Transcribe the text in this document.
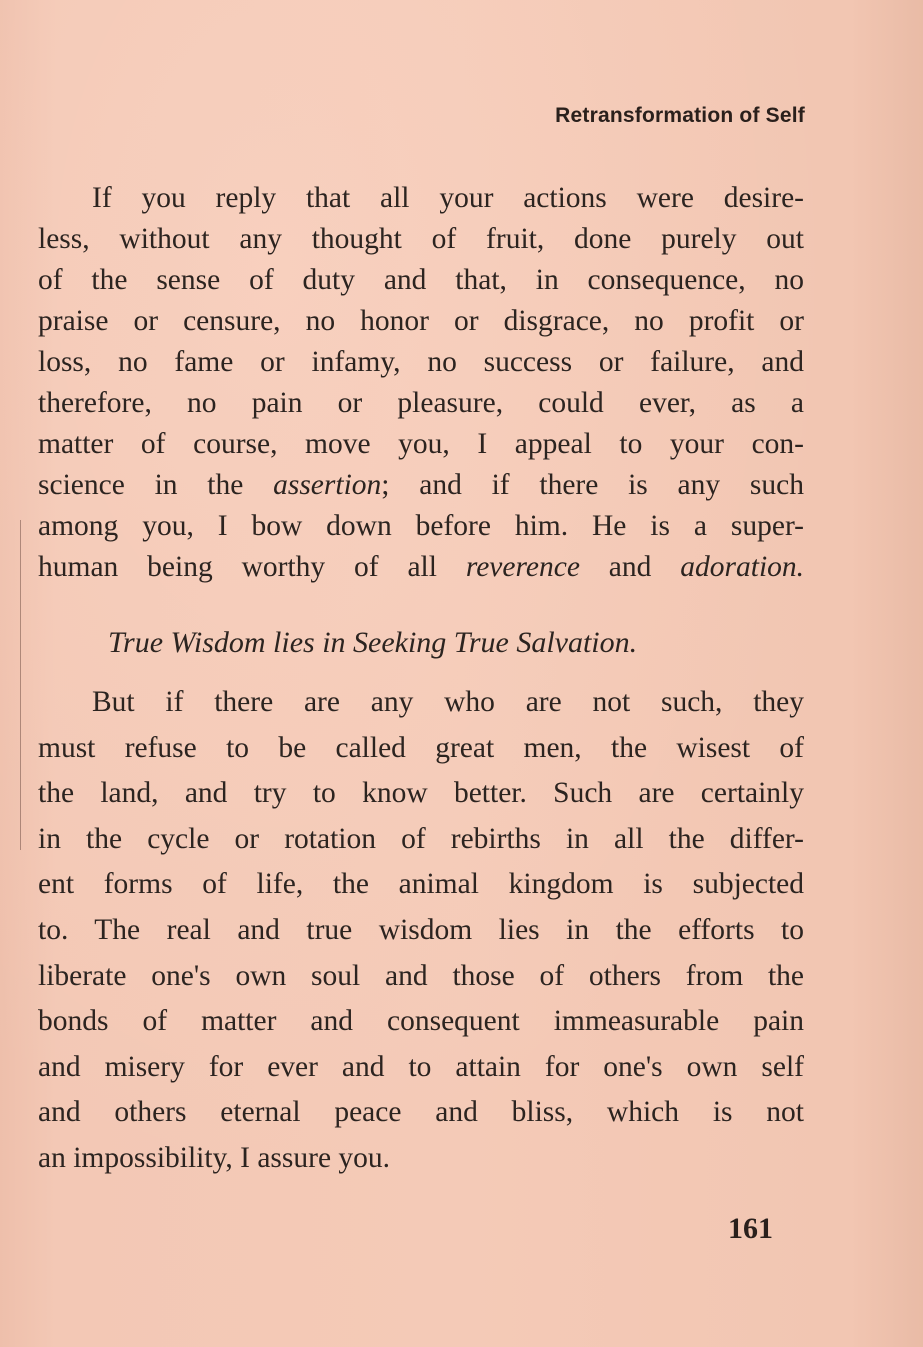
Retransformation of Self
If you reply that all your actions were desire-
less, without any thought of fruit, done purely out
of the sense of duty and that, in consequence, no
praise or censure, no honor or disgrace, no profit or
loss, no fame or infamy, no success or failure, and
therefore, no pain or pleasure, could ever, as a
matter of course, move you, I appeal to your con-
science in the assertion; and if there is any such
among you, I bow down before him. He is a super-
human being worthy of all reverence and adoration.
True Wisdom lies in Seeking True Salvation.
But if there are any who are not such, they
must refuse to be called great men, the wisest of
the land, and try to know better. Such are certainly
in the cycle or rotation of rebirths in all the differ-
ent forms of life, the animal kingdom is subjected
to. The real and true wisdom lies in the efforts to
liberate one's own soul and those of others from the
bonds of matter and consequent immeasurable pain
and misery for ever and to attain for one's own self
and others eternal peace and bliss, which is not
an impossibility, I assure you.
161
